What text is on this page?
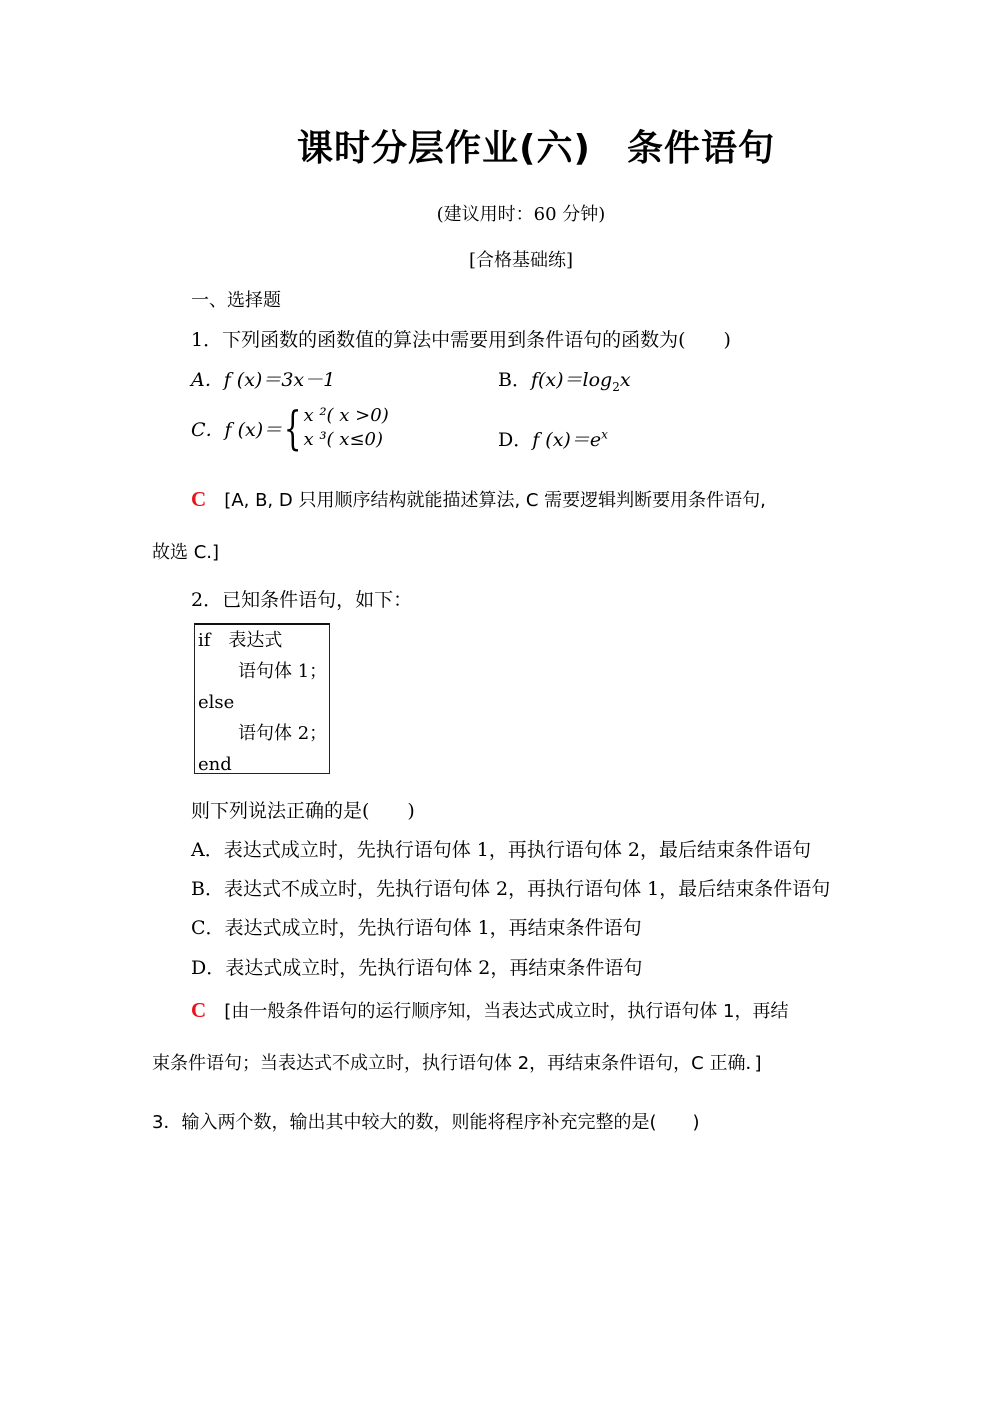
课时分层作业(六) 条件语句
(建议用时：60 分钟)
[合格基础练]
一、选择题
1．下列函数的函数值的算法中需要用到条件语句的函数为(　　)
A．f (x)＝3x－1	B．$f(x)=\log_2x$
C． f (x)＝ { x ²( x >0)
x ³( x≤0)	D．f $(x)=e^x$
C [A, B, D 只用顺序结构就能描述算法, C 需要逻辑判断要用条件语句,
故选 C.]
2．已知条件语句，如下：
if　表达式
语句体 1；
else
语句体 2；
end
则下列说法正确的是(　　)
A．表达式成立时，先执行语句体 1，再执行语句体 2，最后结束条件语句
B．表达式不成立时，先执行语句体 2，再执行语句体 1，最后结束条件语句
C．表达式成立时，先执行语句体 1，再结束条件语句
D．表达式成立时，先执行语句体 2，再结束条件语句
C [由一般条件语句的运行顺序知，当表达式成立时，执行语句体 1，再结
束条件语句；当表达式不成立时，执行语句体 2，再结束条件语句，C 正确．]
3．输入两个数，输出其中较大的数，则能将程序补充完整的是(　　)
